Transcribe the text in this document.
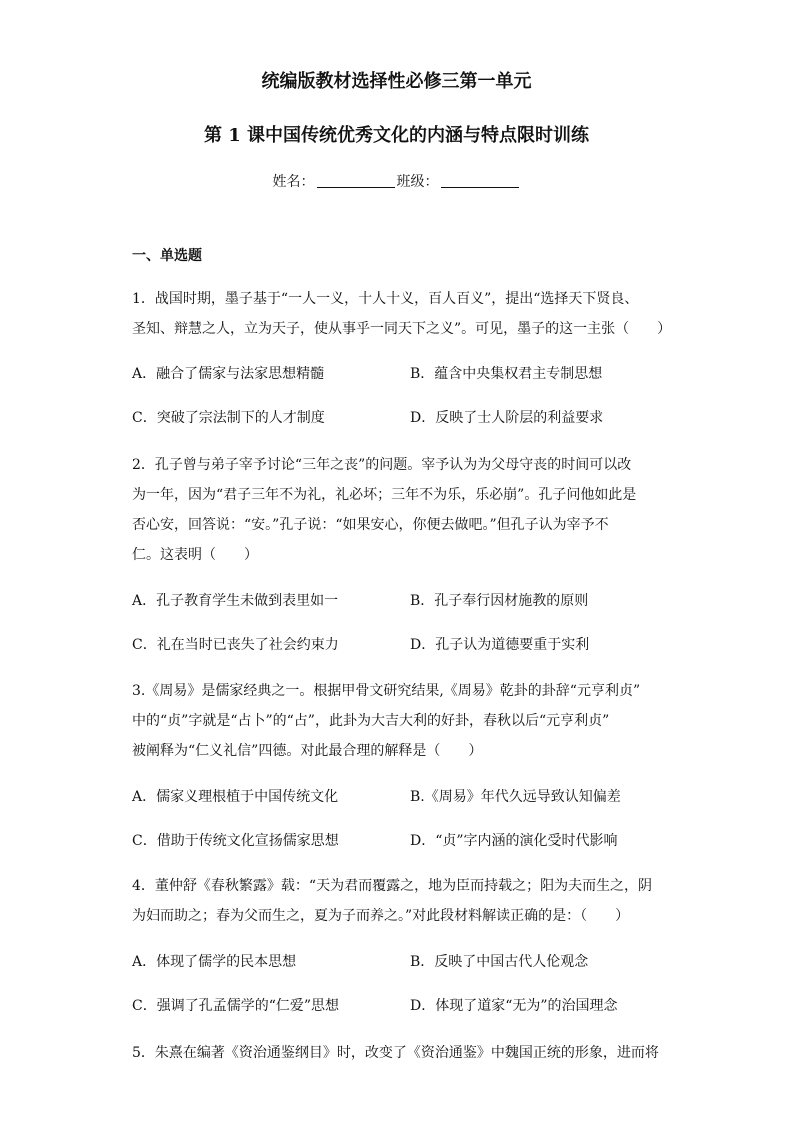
统编版教材选择性必修三第一单元
第 1 课中国传统优秀文化的内涵与特点限时训练
姓名：	班级：
一、单选题
1．战国时期，墨子基于“一人一义，十人十义，百人百义”，提出“选择天下贤良、
圣知、辩慧之人，立为天子，使从事乎一同天下之义”。可见，墨子的这一主张（　　）
A．融合了儒家与法家思想精髓	B．蕴含中央集权君主专制思想
C．突破了宗法制下的人才制度	D．反映了士人阶层的利益要求
2．孔子曾与弟子宰予讨论“三年之丧”的问题。宰予认为为父母守丧的时间可以改
为一年，因为“君子三年不为礼，礼必坏；三年不为乐，乐必崩”。孔子问他如此是
否心安，回答说：“安。”孔子说：“如果安心，你便去做吧。”但孔子认为宰予不
仁。这表明（　　）
A．孔子教育学生未做到表里如一	B．孔子奉行因材施教的原则
C．礼在当时已丧失了社会约束力	D．孔子认为道德要重于实利
3.《周易》是儒家经典之一。根据甲骨文研究结果,《周易》乾卦的卦辞“元亨利贞”
中的“贞”字就是“占卜”的“占”，此卦为大吉大利的好卦，春秋以后“元亨利贞”
被阐释为“仁义礼信”四德。对此最合理的解释是（　　）
A．儒家义理根植于中国传统文化	B.《周易》年代久远导致认知偏差
C．借助于传统文化宣扬儒家思想	D．“贞”字内涵的演化受时代影响
4．董仲舒《春秋繁露》载：“天为君而覆露之，地为臣而持载之；阳为夫而生之，阴
为妇而助之；春为父而生之，夏为子而养之。”对此段材料解读正确的是：（　　）
A．体现了儒学的民本思想	B．反映了中国古代人伦观念
C．强调了孔孟儒学的“仁爱”思想	D．体现了道家“无为”的治国理念
5．朱熹在编著《资治通鉴纲目》时，改变了《资治通鉴》中魏国正统的形象，进而将
